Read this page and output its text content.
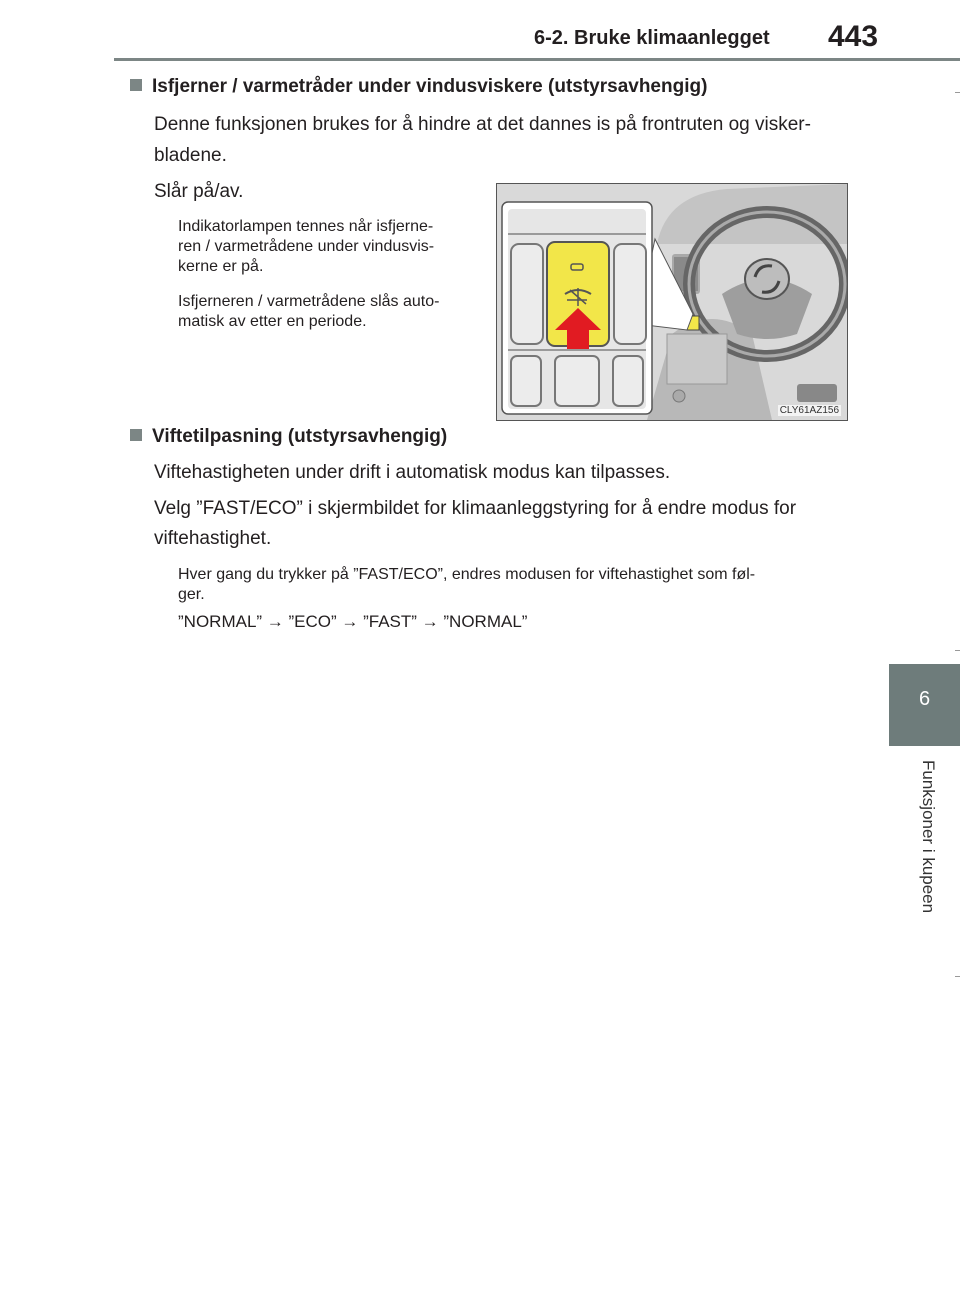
6-2. Bruke klimaanlegget 443
6
Funksjoner i kupeen
Isfjerner / varmetråder under vindusviskere (utstyrsavhengig)
Denne funksjonen brukes for å hindre at det dannes is på frontruten og visker-
bladene.
Slår på/av.
Indikatorlampen tennes når isfjerne-
ren / varmetrådene under vindusvis-
kerne er på.
Isfjerneren / varmetrådene slås auto-
matisk av etter en periode.
CLY61AZ156
Viftetilpasning (utstyrsavhengig)
Viftehastigheten under drift i automatisk modus kan tilpasses.
Velg ”FAST/ECO” i skjermbildet for klimaanleggstyring for å endre modus for
viftehastighet.
Hver gang du trykker på ”FAST/ECO”, endres modusen for viftehastighet som føl-
ger.
”NORMAL” → ”ECO” → ”FAST” → ”NORMAL”
